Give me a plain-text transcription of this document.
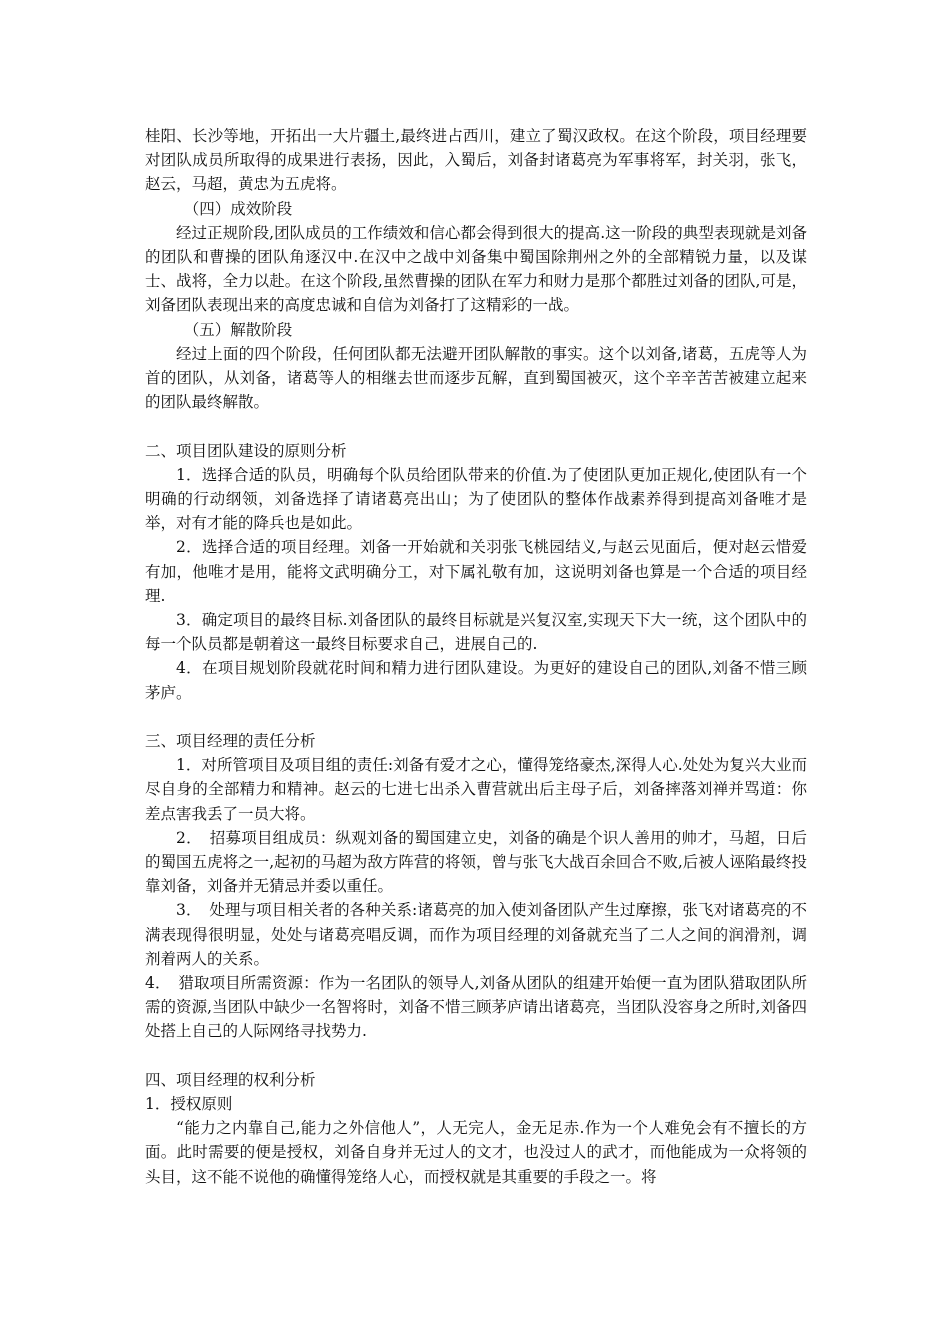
桂阳、长沙等地，开拓出一大片疆土,最终进占西川，建立了蜀汉政权。在这个阶段，项目经理要对团队成员所取得的成果进行表扬，因此，入蜀后，刘备封诸葛亮为军事将军，封关羽，张飞，赵云，马超，黄忠为五虎将。
（四）成效阶段
经过正规阶段,团队成员的工作绩效和信心都会得到很大的提高.这一阶段的典型表现就是刘备的团队和曹操的团队角逐汉中.在汉中之战中刘备集中蜀国除荆州之外的全部精锐力量，以及谋士、战将，全力以赴。在这个阶段,虽然曹操的团队在军力和财力是那个都胜过刘备的团队,可是，刘备团队表现出来的高度忠诚和自信为刘备打了这精彩的一战。
（五）解散阶段
经过上面的四个阶段，任何团队都无法避开团队解散的事实。这个以刘备,诸葛，五虎等人为首的团队，从刘备，诸葛等人的相继去世而逐步瓦解，直到蜀国被灭，这个辛辛苦苦被建立起来的团队最终解散。
二、项目团队建设的原则分析
1．选择合适的队员，明确每个队员给团队带来的价值.为了使团队更加正规化,使团队有一个明确的行动纲领，刘备选择了请诸葛亮出山；为了使团队的整体作战素养得到提高刘备唯才是举，对有才能的降兵也是如此。
2．选择合适的项目经理。刘备一开始就和关羽张飞桃园结义,与赵云见面后，便对赵云惜爱有加，他唯才是用，能将文武明确分工，对下属礼敬有加，这说明刘备也算是一个合适的项目经理.
3．确定项目的最终目标.刘备团队的最终目标就是兴复汉室,实现天下大一统，这个团队中的每一个队员都是朝着这一最终目标要求自己，进展自己的.
4．在项目规划阶段就花时间和精力进行团队建设。为更好的建设自己的团队,刘备不惜三顾茅庐。
三、项目经理的责任分析
1．对所管项目及项目组的责任:刘备有爱才之心，懂得笼络豪杰,深得人心.处处为复兴大业而尽自身的全部精力和精神。赵云的七进七出杀入曹营就出后主母子后，刘备摔落刘禅并骂道：你差点害我丢了一员大将。
2．　招募项目组成员：纵观刘备的蜀国建立史，刘备的确是个识人善用的帅才，马超，日后的蜀国五虎将之一,起初的马超为敌方阵营的将领，曾与张飞大战百余回合不败,后被人诬陷最终投靠刘备，刘备并无猜忌并委以重任。
3．　处理与项目相关者的各种关系:诸葛亮的加入使刘备团队产生过摩擦，张飞对诸葛亮的不满表现得很明显，处处与诸葛亮唱反调，而作为项目经理的刘备就充当了二人之间的润滑剂，调剂着两人的关系。
4．　猎取项目所需资源：作为一名团队的领导人,刘备从团队的组建开始便一直为团队猎取团队所需的资源,当团队中缺少一名智将时，刘备不惜三顾茅庐请出诸葛亮，当团队没容身之所时,刘备四处搭上自己的人际网络寻找势力.
四、项目经理的权利分析
1．授权原则
“能力之内靠自己,能力之外信他人”，人无完人，金无足赤.作为一个人难免会有不擅长的方面。此时需要的便是授权，刘备自身并无过人的文才，也没过人的武才，而他能成为一众将领的头目，这不能不说他的确懂得笼络人心，而授权就是其重要的手段之一。将
